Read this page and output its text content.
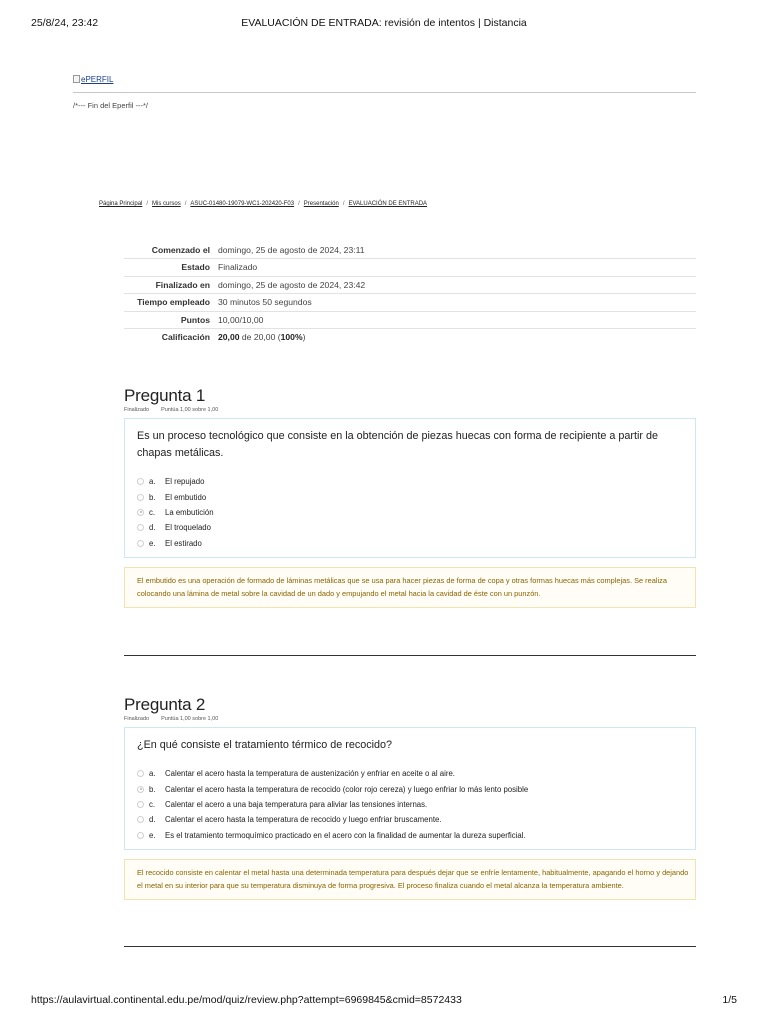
25/8/24, 23:42	EVALUACIÓN DE ENTRADA: revisión de intentos | Distancia
ePERFIL
/*--- Fin del Eperfil ---*/
Página Principal / Mis cursos / ASUC-01480-19079-WC1-202420-F03 / Presentación / EVALUACIÓN DE ENTRADA
Comenzado el	domingo, 25 de agosto de 2024, 23:11
Estado	Finalizado
Finalizado en	domingo, 25 de agosto de 2024, 23:42
Tiempo empleado	30 minutos 50 segundos
Puntos	10,00/10,00
Calificación	20,00 de 20,00 (100%)
Pregunta 1
Finalizado Puntúa 1,00 sobre 1,00
Es un proceso tecnológico que consiste en la obtención de piezas huecas con forma de recipiente a partir de chapas metálicas.
a.	El repujado
b.	El embutido
c.	La embutición
d.	El troquelado
e.	El estirado
El embutido es una operación de formado de láminas metálicas que se usa para hacer piezas de forma de copa y otras formas huecas más complejas. Se realiza colocando una lámina de metal sobre la cavidad de un dado y empujando el metal hacia la cavidad de éste con un punzón.
Pregunta 2
Finalizado Puntúa 1,00 sobre 1,00
¿En qué consiste el tratamiento térmico de recocido?
a.	Calentar el acero hasta la temperatura de austenización y enfriar en aceite o al aire.
b.	Calentar el acero hasta la temperatura de recocido (color rojo cereza) y luego enfriar lo más lento posible
c.	Calentar el acero a una baja temperatura para aliviar las tensiones internas.
d.	Calentar el acero hasta la temperatura de recocido y luego enfriar bruscamente.
e.	Es el tratamiento termoquímico practicado en el acero con la finalidad de aumentar la dureza superficial.
El recocido consiste en calentar el metal hasta una determinada temperatura para después dejar que se enfríe lentamente, habitualmente, apagando el horno y dejando el metal en su interior para que su temperatura disminuya de forma progresiva. El proceso finaliza cuando el metal alcanza la temperatura ambiente.
https://aulavirtual.continental.edu.pe/mod/quiz/review.php?attempt=6969845&cmid=8572433	1/5
